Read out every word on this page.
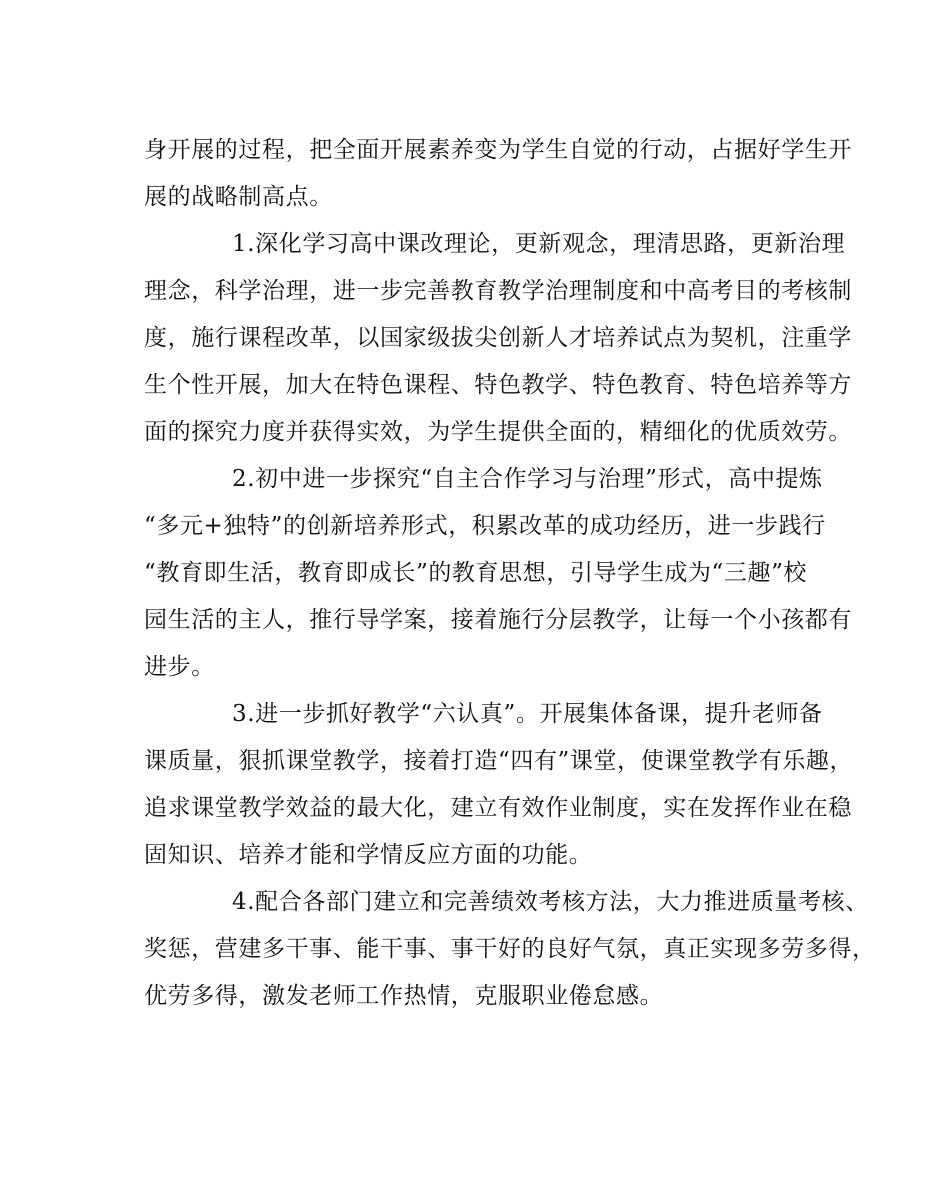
身开展的过程，把全面开展素养变为学生自觉的行动，占据好学生开
展的战略制高点。
1.深化学习高中课改理论，更新观念，理清思路，更新治理
理念，科学治理，进一步完善教育教学治理制度和中高考目的考核制
度，施行课程改革，以国家级拔尖创新人才培养试点为契机，注重学
生个性开展，加大在特色课程、特色教学、特色教育、特色培养等方
面的探究力度并获得实效，为学生提供全面的，精细化的优质效劳。
2.初中进一步探究“自主合作学习与治理”形式，高中提炼
“多元+独特”的创新培养形式，积累改革的成功经历，进一步践行
“教育即生活，教育即成长”的教育思想，引导学生成为“三趣”校
园生活的主人，推行导学案，接着施行分层教学，让每一个小孩都有
进步。
3.进一步抓好教学“六认真”。开展集体备课，提升老师备
课质量，狠抓课堂教学，接着打造“四有”课堂，使课堂教学有乐趣，
追求课堂教学效益的最大化，建立有效作业制度，实在发挥作业在稳
固知识、培养才能和学情反应方面的功能。
4.配合各部门建立和完善绩效考核方法，大力推进质量考核、
奖惩，营建多干事、能干事、事干好的良好气氛，真正实现多劳多得，
优劳多得，激发老师工作热情，克服职业倦怠感。
